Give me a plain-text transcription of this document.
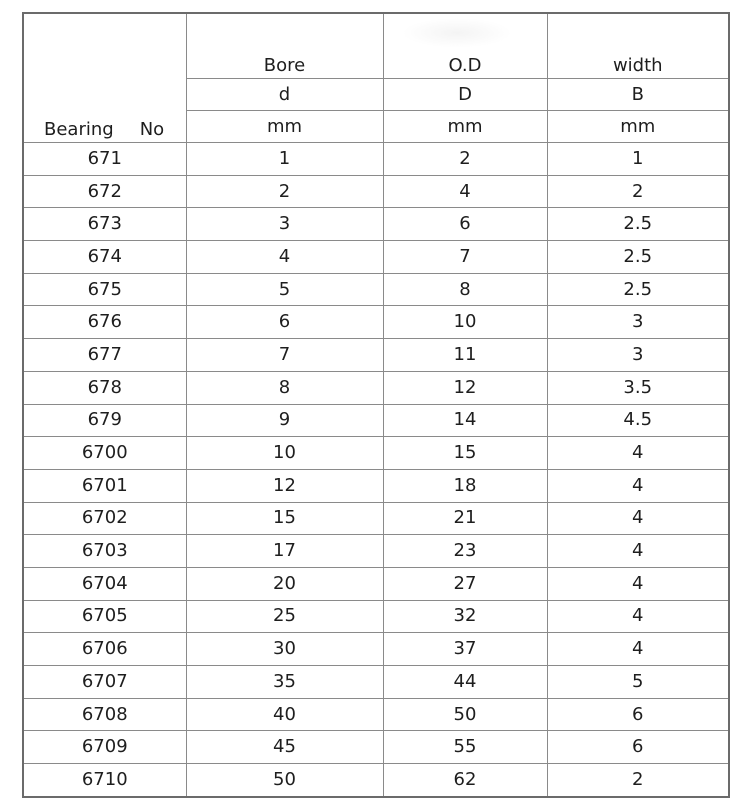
Bearing No	Bore	O.D	width
	d	D	B
	mm	mm	mm
671	1	2	1
672	2	4	2
673	3	6	2.5
674	4	7	2.5
675	5	8	2.5
676	6	10	3
677	7	11	3
678	8	12	3.5
679	9	14	4.5
6700	10	15	4
6701	12	18	4
6702	15	21	4
6703	17	23	4
6704	20	27	4
6705	25	32	4
6706	30	37	4
6707	35	44	5
6708	40	50	6
6709	45	55	6
6710	50	62	2
